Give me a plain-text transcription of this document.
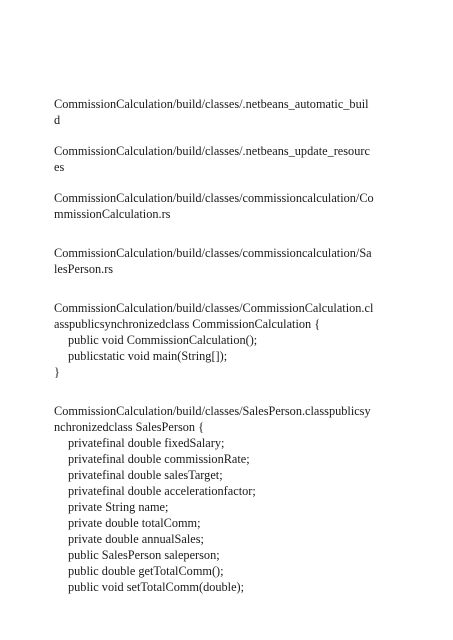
CommissionCalculation/build/classes/.netbeans_automatic_buil
d
CommissionCalculation/build/classes/.netbeans_update_resourc
es
CommissionCalculation/build/classes/commissioncalculation/Co
mmissionCalculation.rs
CommissionCalculation/build/classes/commissioncalculation/Sa
lesPerson.rs
CommissionCalculation/build/classes/CommissionCalculation.cl
asspublicsynchronizedclass CommissionCalculation {
public void CommissionCalculation();
publicstatic void main(String[]);
}
CommissionCalculation/build/classes/SalesPerson.classpublicsy
nchronizedclass SalesPerson {
privatefinal double fixedSalary;
privatefinal double commissionRate;
privatefinal double salesTarget;
privatefinal double accelerationfactor;
private String name;
private double totalComm;
private double annualSales;
public SalesPerson saleperson;
public double getTotalComm();
public void setTotalComm(double);
